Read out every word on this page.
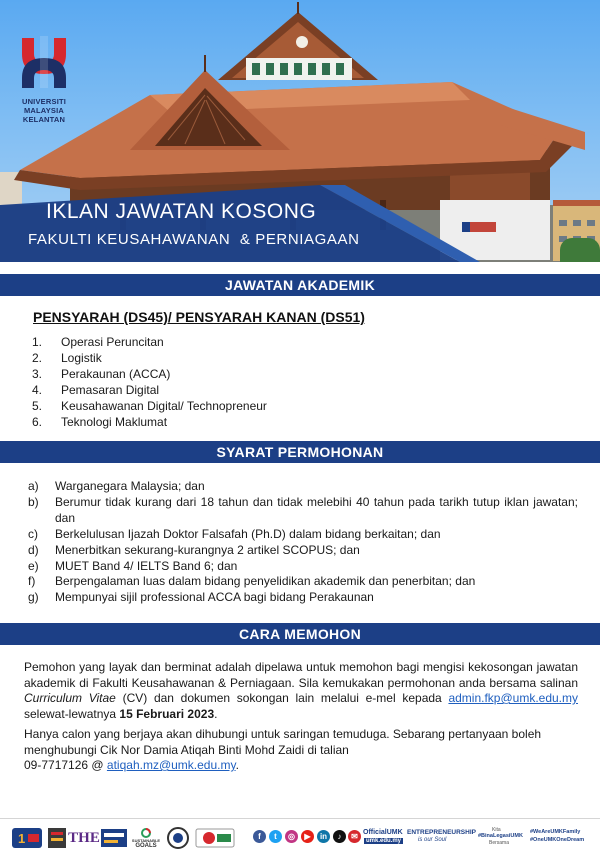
UNIVERSITI
MALAYSIA
KELANTAN
IKLAN JAWATAN KOSONG
FAKULTI KEUSAHAWANAN  & PERNIAGAAN
JAWATAN AKADEMIK
PENSYARAH (DS45)/ PENSYARAH KANAN (DS51)
1. Operasi Peruncitan
2. Logistik
3. Perakaunan (ACCA)
4. Pemasaran Digital
5. Keusahawanan Digital/ Technopreneur
6. Teknologi Maklumat
SYARAT PERMOHONAN
a) Warganegara Malaysia; dan
b) Berumur tidak kurang dari 18 tahun dan tidak melebihi 40 tahun pada tarikh tutup iklan jawatan; dan
c) Berkelulusan Ijazah Doktor Falsafah (Ph.D) dalam bidang berkaitan; dan
d) Menerbitkan sekurang-kurangnya 2 artikel SCOPUS; dan
e) MUET Band 4/ IELTS Band 6; dan
f) Berpengalaman luas dalam bidang penyelidikan akademik dan penerbitan; dan
g) Mempunyai sijil professional ACCA bagi bidang Perakaunan
CARA MEMOHON

Pemohon yang layak dan berminat adalah dipelawa untuk memohon bagi mengisi kekosongan jawatan akademik di Fakulti Keusahawanan & Perniagaan. Sila kemukakan permohonan anda bersama salinan Curriculum Vitae (CV) dan dokumen sokongan lain melalui e-mel kepada admin.fkp@umk.edu.my selewat-lewatnya 15 Februari 2023.

Hanya calon yang berjaya akan dihubungi untuk saringan temuduga. Sebarang pertanyaan boleh menghubungi Cik Nor Damia Atiqah Binti Mohd Zaidi di talian
09-7717126 @ atiqah.mz@umk.edu.my.

1	THE	SUSTAINABLE
GOALS
f	t	◎	▶	in	♪	✉ OfficialUMK
umk.edu.my
ENTREPRENEURSHIP
is our Soul
Kita
#BinaLegasiUMK
Bersama
#WeAreUMKFamily
#OneUMKOneDream
